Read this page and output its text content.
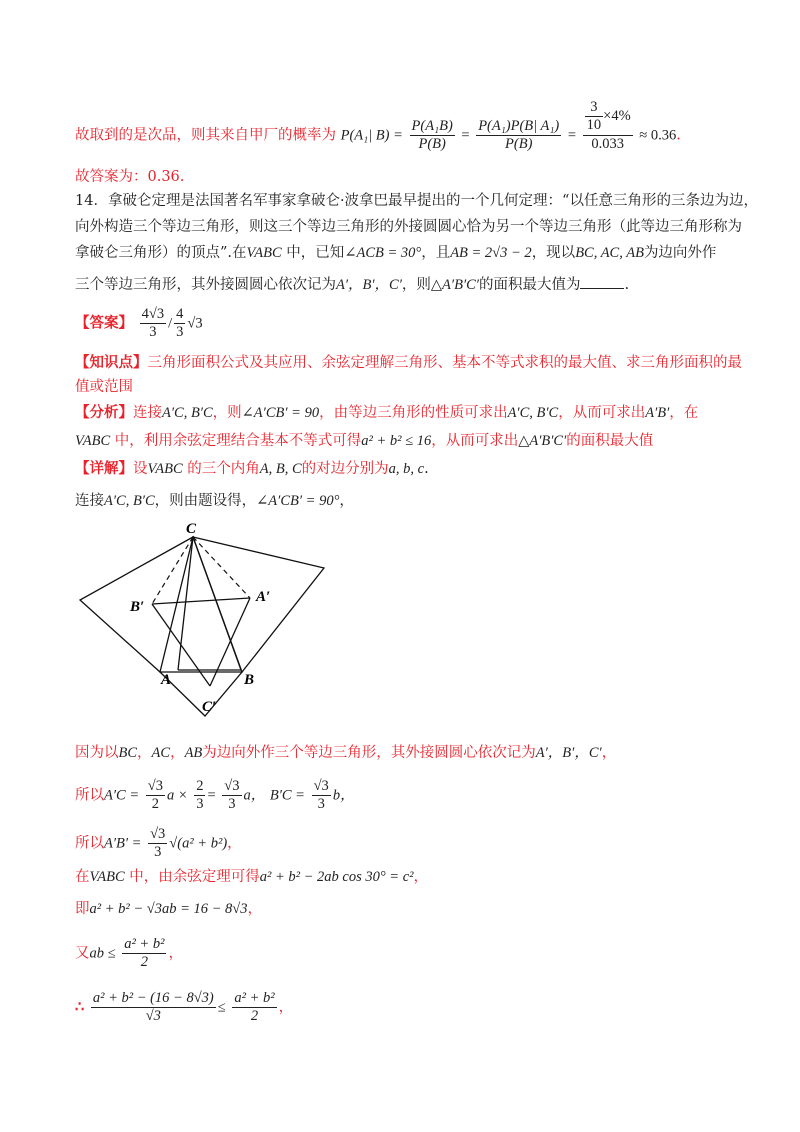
故取到的是次品，则其来自甲厂的概率为 P(A₁| $B) = \frac{\text{P(A₁B)}}{P(B)} = \frac{\text{P(A₁)P(B| A₁)}}{P(B)} = \frac{\frac{3}{10} \times 4\%}{0.033} \approx 0.36$.
故答案为：0.36.
14．拿破仑定理是法国著名军事家拿破仑·波拿巴最早提出的一个几何定理：“以任意三角形的三条边为边，
向外构造三个等边三角形，则这三个等边三角形的外接圆圆心恰为另一个等边三角形（此等边三角形称为
拿破仑三角形）的顶点”.在VABC 中，已知∠ACB = 30°，且AB = 2√3 − 2，现以BC, AC, AB为边向外作
三个等边三角形，其外接圆圆心依次记为A′，B′，C′，则△A′B′C′的面积最大值为	.
【答案】 $\frac{4√3}{3} / \frac{4}{3} √3$
【知识点】三角形面积公式及其应用、余弦定理解三角形、基本不等式求积的最大值、求三角形面积的最
值或范围
【分析】连接A′C, B′C，则∠A′CB′ = 90，由等边三角形的性质可求出A′C, B′C，从而可求出A′B′，在
VABC 中，利用余弦定理结合基本不等式可得a² + b² ≤ 16，从而可求出△A′B′C′的面积最大值
【详解】设VABC 的三个内角A, B, C的对边分别为a, b, c.
连接A′C, B′C，则由题设得，∠A′CB′ = 90°，
C
A′
B′
A	B
C′
因为以BC，AC，AB为边向外作三个等边三角形，其外接圆圆心依次记为A′，B′，C′，
所以$A'C = \frac{√3}{2}$ $a \times \frac{2}{3} = \frac{√3}{3}$ a， $B'C = \frac{√3}{3}$ b，
所以$A'B' = \frac{√3}{3} √(a^2 + b^2)$，
在VABC 中，由余弦定理可得a² + b² − 2ab cos 30° = c²，
即a² + b² − √3ab = 16 − 8√3，
又ab ≤ $\frac{\text{a² + b²}}{2}$ ，
∴ $\frac{\text{a² + b² − (16 − 8√3)}}{√3} \le \frac{\text{a² + b²}}{2}$ ，
